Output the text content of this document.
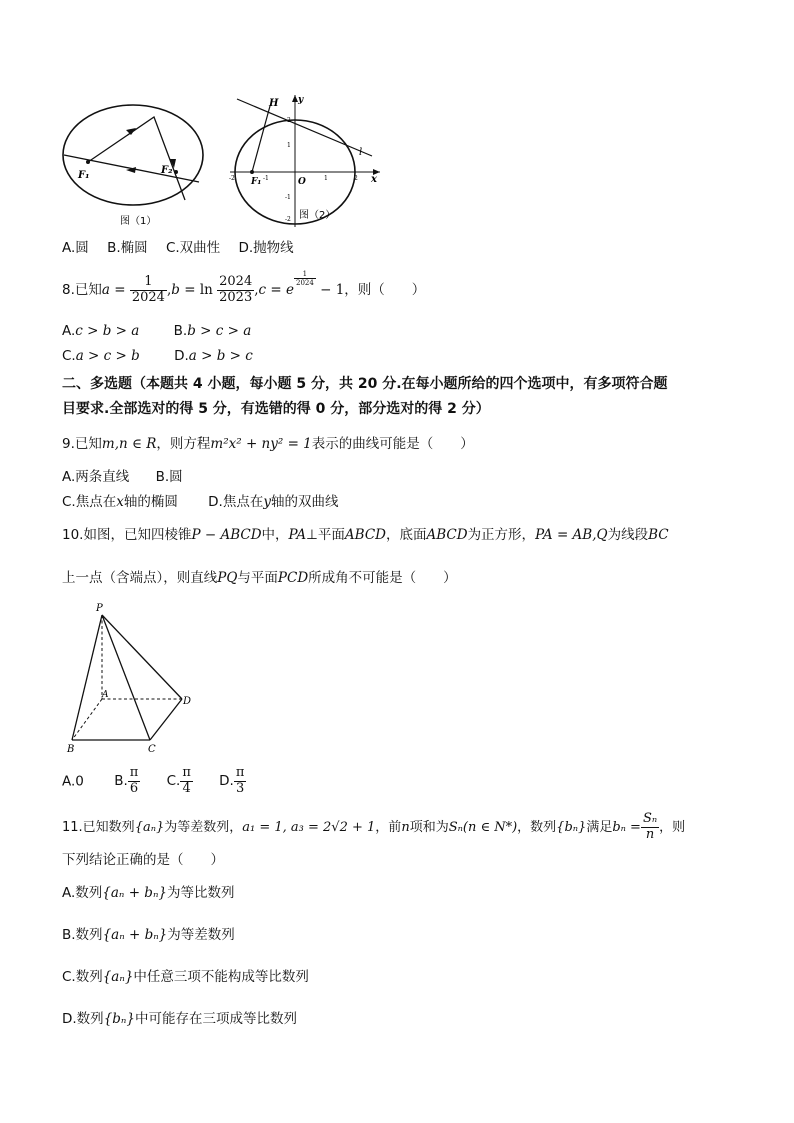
F₁	F₂
图（1）
H y
x
O
l
F₁
-2	-1	1	2
2
1
-1
-2 图（2）
A.圆 B.椭圆 C.双曲性 D.抛物线
8.已知$a = \frac{1}{2024} ,b = \ln \frac{2024}{2023} ,c = e$
$\frac{1}{2024}$
− 1，则（　　）
A.c > b > a	B.b > c > a
C.a > c > b	D.a > b > c
二、多选题（本题共 4 小题，每小题 5 分，共 20 分.在每小题所给的四个选项中，有多项符合题
目要求.全部选对的得 5 分，有选错的得 0 分，部分选对的得 2 分）
9.已知m,n ∈ R，则方程m²x² + ny² = 1表示的曲线可能是（　　）
A.两条直线 B.圆
C.焦点在x轴的椭圆 D.焦点在y轴的双曲线
10.如图，已知四棱锥P − ABCD中，PA⊥平面ABCD，底面ABCD为正方形，PA = AB,Q为线段BC
上一点（含端点），则直线PQ与平面PCD所成角不可能是（　　）
P
A
B	C
D
A.0 B. $\frac{\pi}{6} C$. $\frac{\pi}{4} D$. $\frac{\pi}{3}$
11.已知数列{aₙ}为等差数列，a₁ = 1, a₃ = 2√2 + 1，前n项和为Sₙ(n ∈ N*)，数列{bₙ}满足$b_n = \frac{\text{Sₙ}}{n}$ ，则
下列结论正确的是（　　）
A.数列{aₙ + bₙ}为等比数列
B.数列{aₙ + bₙ}为等差数列
C.数列{aₙ}中任意三项不能构成等比数列
D.数列{bₙ}中可能存在三项成等比数列
